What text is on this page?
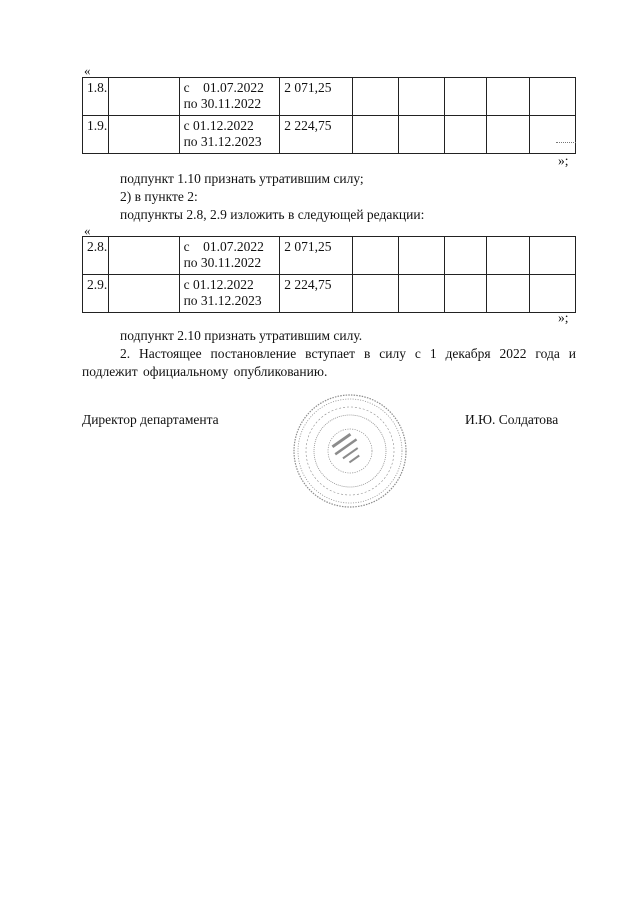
«
1.8.		с    01.07.2022
по 30.11.2022	2 071,25					
1.9.		с 01.12.2022
по 31.12.2023	2 224,75					
»;
подпункт 1.10 признать утратившим силу;
2) в пункте 2:
подпункты 2.8, 2.9 изложить в следующей редакции:
«
2.8.		с    01.07.2022
по 30.11.2022	2 071,25					
2.9.		с 01.12.2022
по 31.12.2023	2 224,75					
»;
подпункт 2.10 признать утратившим силу.
2. Настоящее постановление вступает в силу с 1 декабря 2022 года и подлежит официальному опубликованию.
Директор департамента	И.Ю. Солдатова
